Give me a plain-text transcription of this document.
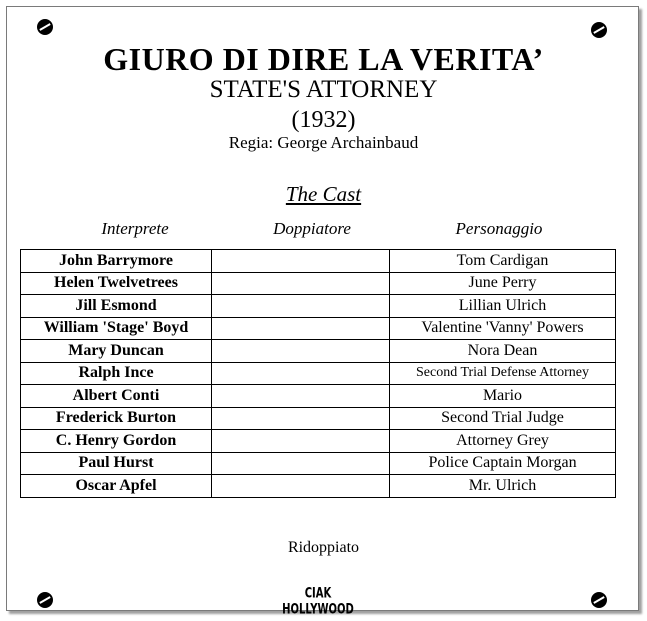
GIURO DI DIRE LA VERITA’
STATE'S ATTORNEY
(1932)
Regia: George Archainbaud
The Cast
Interprete	Doppiatore	Personaggio
John Barrymore		Tom Cardigan
Helen Twelvetrees		June Perry
Jill Esmond		Lillian Ulrich
William 'Stage' Boyd		Valentine 'Vanny' Powers
Mary Duncan		Nora Dean
Ralph Ince		Second Trial Defense Attorney
Albert Conti		Mario
Frederick Burton		Second Trial Judge
C. Henry Gordon		Attorney Grey
Paul Hurst		Police Captain Morgan
Oscar Apfel		Mr. Ulrich
Ridoppiato
CIAK HOLLYWOOD
